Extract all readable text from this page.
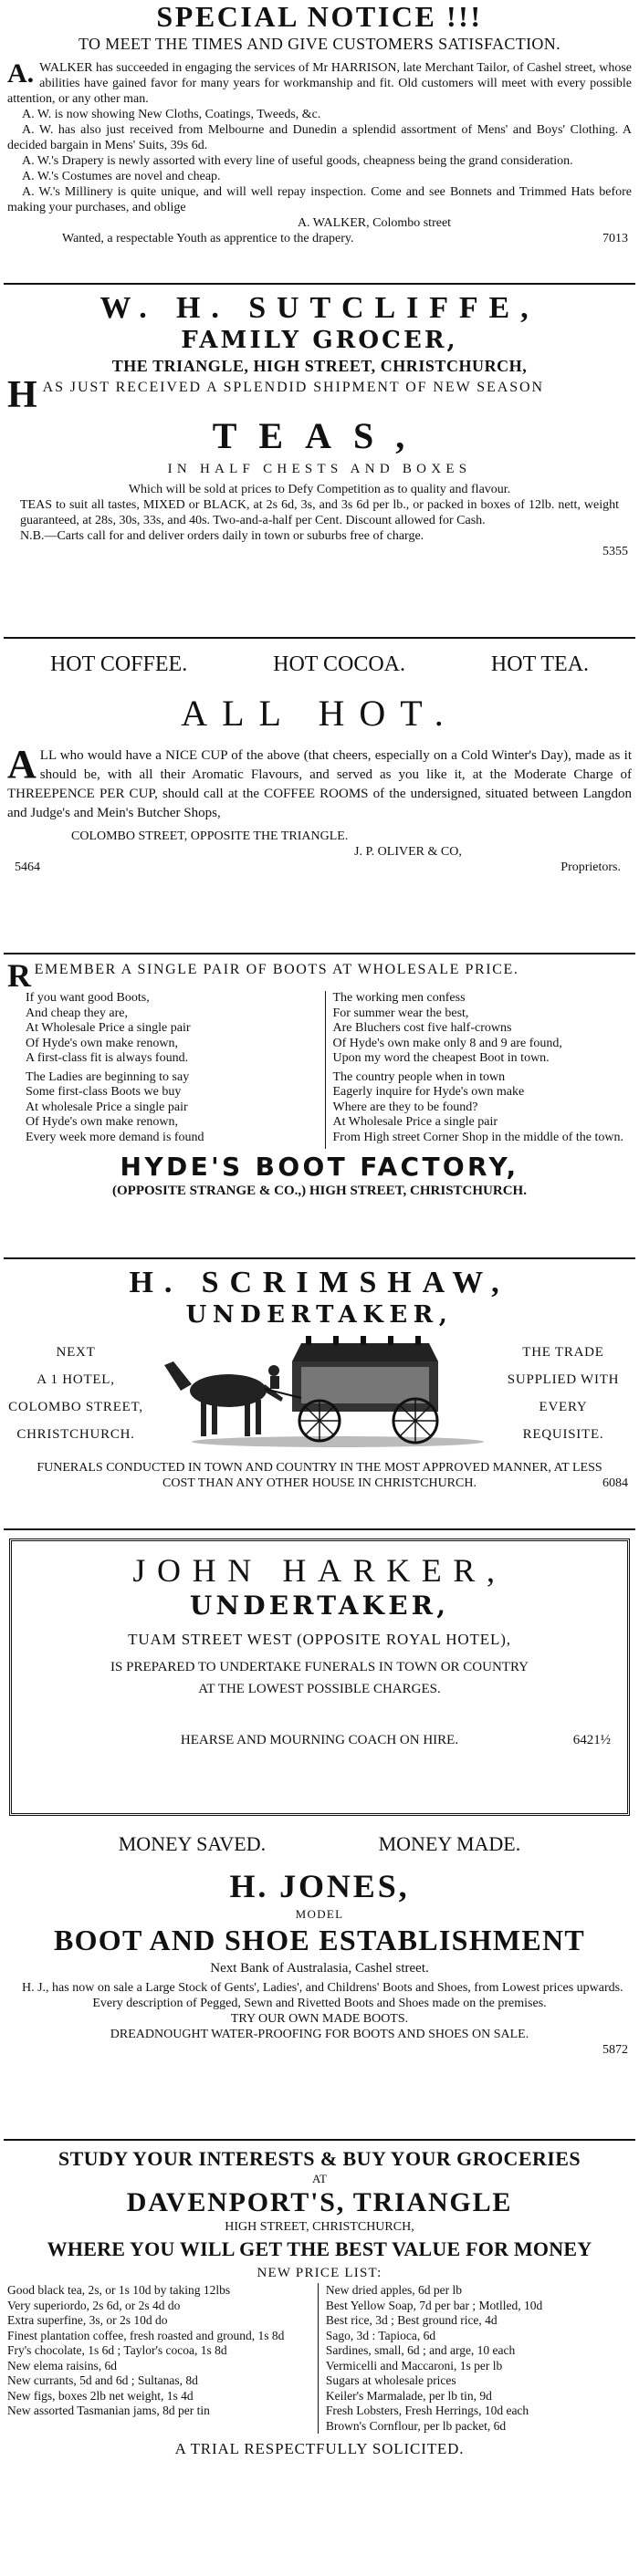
SPECIAL NOTICE !!!
TO MEET THE TIMES AND GIVE CUSTOMERS SATISFACTION.
A. WALKER has succeeded in engaging the services of Mr HARRISON, late Merchant Tailor, of Cashel street, whose abilities have gained favor for many years for workmanship and fit. Old customers will meet with every possible attention, or any other man.
A. W. is now showing New Cloths, Coatings, Tweeds, &c.
A. W. has also just received from Melbourne and Dunedin a splendid assortment of Mens' and Boys' Clothing. A decided bargain in Mens' Suits, 39s 6d.
A. W.'s Drapery is newly assorted with every line of useful goods, cheapness being the grand consideration.
A. W.'s Costumes are novel and cheap.
A. W.'s Millinery is quite unique, and will well repay inspection. Come and see Bonnets and Trimmed Hats before making your purchases, and oblige
A. WALKER, Colombo street
Wanted, a respectable Youth as apprentice to the drapery.	7013
W. H. SUTCLIFFE,
FAMILY GROCER,
THE TRIANGLE, HIGH STREET, CHRISTCHURCH,
H AS JUST RECEIVED A SPLENDID SHIPMENT OF NEW SEASON
TEAS,
IN HALF CHESTS AND BOXES
Which will be sold at prices to Defy Competition as to quality and flavour.
TEAS to suit all tastes, MIXED or BLACK, at 2s 6d, 3s, and 3s 6d per lb., or packed in boxes of 12lb. nett, weight guaranteed, at 28s, 30s, 33s, and 40s. Two-and-a-half per Cent. Discount allowed for Cash.
N.B.—Carts call for and deliver orders daily in town or suburbs free of charge.
5355
HOT COFFEE.	HOT COCOA.	HOT TEA.
ALL HOT.
A LL who would have a NICE CUP of the above (that cheers, especially on a Cold Winter's Day), made as it should be, with all their Aromatic Flavours, and served as you like it, at the Moderate Charge of THREEPENCE PER CUP, should call at the COFFEE ROOMS of the undersigned, situated between Langdon and Judge's and Mein's Butcher Shops,
COLOMBO STREET, OPPOSITE THE TRIANGLE.
J. P. OLIVER & CO,
5464	Proprietors.
R EMEMBER A SINGLE PAIR OF BOOTS AT WHOLESALE PRICE.
If you want good Boots,
And cheap they are,
At Wholesale Price a single pair
Of Hyde's own make renown,
A first-class fit is always found.
The Ladies are beginning to say
Some first-class Boots we buy
At wholesale Price a single pair
Of Hyde's own make renown,
Every week more demand is found
The working men confess
For summer wear the best,
Are Bluchers cost five half-crowns
Of Hyde's own make only 8 and 9 are found,
Upon my word the cheapest Boot in town.
The country people when in town
Eagerly inquire for Hyde's own make
Where are they to be found?
At Wholesale Price a single pair
From High street Corner Shop in the middle of the town.
HYDE'S BOOT FACTORY,
(OPPOSITE STRANGE & CO.,) HIGH STREET, CHRISTCHURCH.
H. SCRIMSHAW,
UNDERTAKER,
NEXT
A 1 HOTEL,
COLOMBO STREET,
CHRISTCHURCH.
THE TRADE
SUPPLIED WITH
EVERY
REQUISITE.
FUNERALS CONDUCTED IN TOWN AND COUNTRY IN THE MOST APPROVED MANNER, AT LESS COST THAN ANY OTHER HOUSE IN CHRISTCHURCH.	6084
JOHN HARKER,
UNDERTAKER,
TUAM STREET WEST (OPPOSITE ROYAL HOTEL),
IS PREPARED TO UNDERTAKE FUNERALS IN TOWN OR COUNTRY
AT THE LOWEST POSSIBLE CHARGES.
HEARSE AND MOURNING COACH ON HIRE.	6421½
MONEY SAVED.	MONEY MADE.
H. JONES,
MODEL
BOOT AND SHOE ESTABLISHMENT
Next Bank of Australasia, Cashel street.
H. J., has now on sale a Large Stock of Gents', Ladies', and Childrens' Boots and Shoes, from Lowest prices upwards.
Every description of Pegged, Sewn and Rivetted Boots and Shoes made on the premises.
TRY OUR OWN MADE BOOTS.
DREADNOUGHT WATER-PROOFING FOR BOOTS AND SHOES ON SALE.
5872
STUDY YOUR INTERESTS & BUY YOUR GROCERIES
AT
DAVENPORT'S, TRIANGLE
HIGH STREET, CHRISTCHURCH,
WHERE YOU WILL GET THE BEST VALUE FOR MONEY
NEW PRICE LIST:
Good black tea, 2s, or 1s 10d by taking 12lbs
Very superiordo, 2s 6d, or 2s 4d do
Extra superfine, 3s, or 2s 10d do
Finest plantation coffee, fresh roasted and ground, 1s 8d
Fry's chocolate, 1s 6d ; Taylor's cocoa, 1s 8d
New elema raisins, 6d
New currants, 5d and 6d ; Sultanas, 8d
New figs, boxes 2lb net weight, 1s 4d
New assorted Tasmanian jams, 8d per tin
New dried apples, 6d per lb
Best Yellow Soap, 7d per bar ; Motlled, 10d
Best rice, 3d ; Best ground rice, 4d
Sago, 3d : Tapioca, 6d
Sardines, small, 6d ; and arge, 10 each
Vermicelli and Maccaroni, 1s per lb
Sugars at wholesale prices
Keiler's Marmalade, per lb tin, 9d
Fresh Lobsters, Fresh Herrings, 10d each
Brown's Cornflour, per lb packet, 6d
A TRIAL RESPECTFULLY SOLICITED.
